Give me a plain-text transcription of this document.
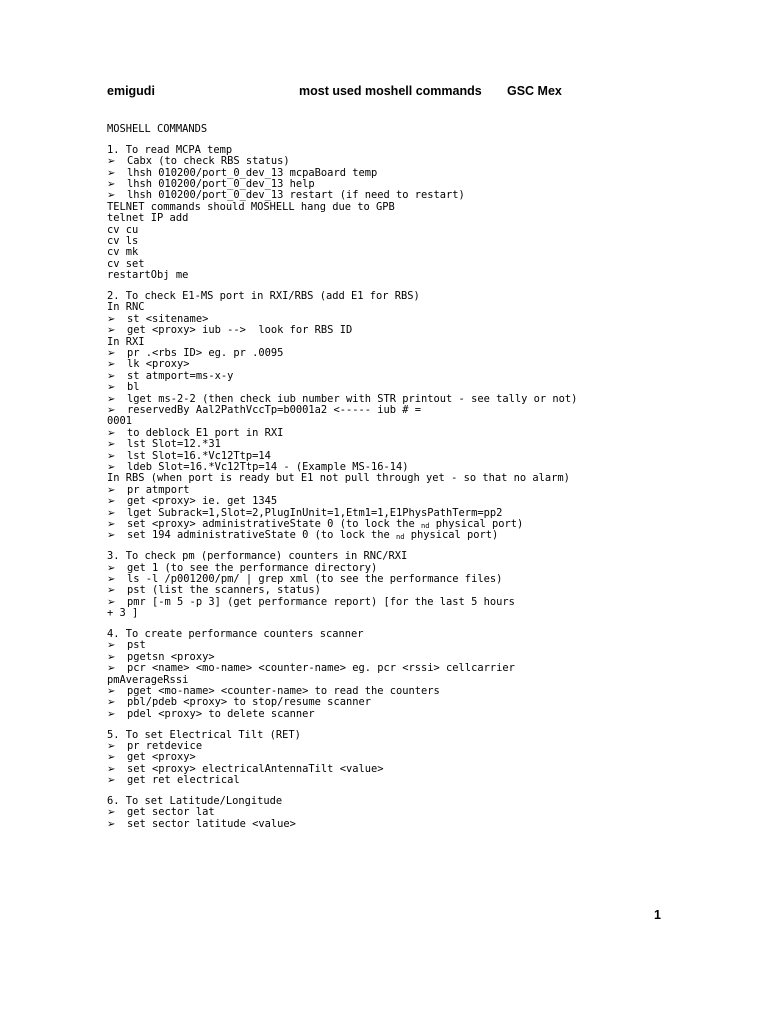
emigudi	most used moshell commands GSC Mex
MOSHELL COMMANDS
1. To read MCPA temp
➢ Cabx (to check RBS status)
➢ lhsh 010200/port_0_dev_13 mcpaBoard temp
➢ lhsh 010200/port_0_dev_13 help
➢ lhsh 010200/port_0_dev_13 restart (if need to restart)
TELNET commands should MOSHELL hang due to GPB
telnet IP add
cv cu
cv ls
cv mk
cv set
restartObj me
2. To check E1-MS port in RXI/RBS (add E1 for RBS)
In RNC
➢ st <sitename>
➢ get <proxy> iub -->  look for RBS ID
In RXI
➢ pr .<rbs ID> eg. pr .0095
➢ lk <proxy>
➢ st atmport=ms-x-y
➢ bl
➢ lget ms-2-2 (then check iub number with STR printout - see tally or not)
➢ reservedBy Aal2PathVccTp=b0001a2 <----- iub # =
0001
➢ to deblock E1 port in RXI
➢ lst Slot=12.*31
➢ lst Slot=16.*Vc12Ttp=14
➢ ldeb Slot=16.*Vc12Ttp=14 - (Example MS-16-14)
In RBS (when port is ready but E1 not pull through yet - so that no alarm)
➢ pr atmport
➢ get <proxy> ie. get 1345
➢ lget Subrack=1,Slot=2,PlugInUnit=1,Etm1=1,E1PhysPathTerm=pp2
➢ set <proxy> administrativeState 0 (to lock the nd physical port)
➢ set 194 administrativeState 0 (to lock the nd physical port)
3. To check pm (performance) counters in RNC/RXI
➢ get 1 (to see the performance directory)
➢ ls -l /p001200/pm/ | grep xml (to see the performance files)
➢ pst (list the scanners, status)
➢ pmr [-m 5 -p 3] (get performance report) [for the last 5 hours
+ 3 ]
4. To create performance counters scanner
➢ pst
➢ pgetsn <proxy>
➢ pcr <name> <mo-name> <counter-name> eg. pcr <rssi> cellcarrier
pmAverageRssi
➢ pget <mo-name> <counter-name> to read the counters
➢ pbl/pdeb <proxy> to stop/resume scanner
➢ pdel <proxy> to delete scanner
5. To set Electrical Tilt (RET)
➢ pr retdevice
➢ get <proxy>
➢ set <proxy> electricalAntennaTilt <value>
➢ get ret electrical
6. To set Latitude/Longitude
➢ get sector lat
➢ set sector latitude <value>
1
